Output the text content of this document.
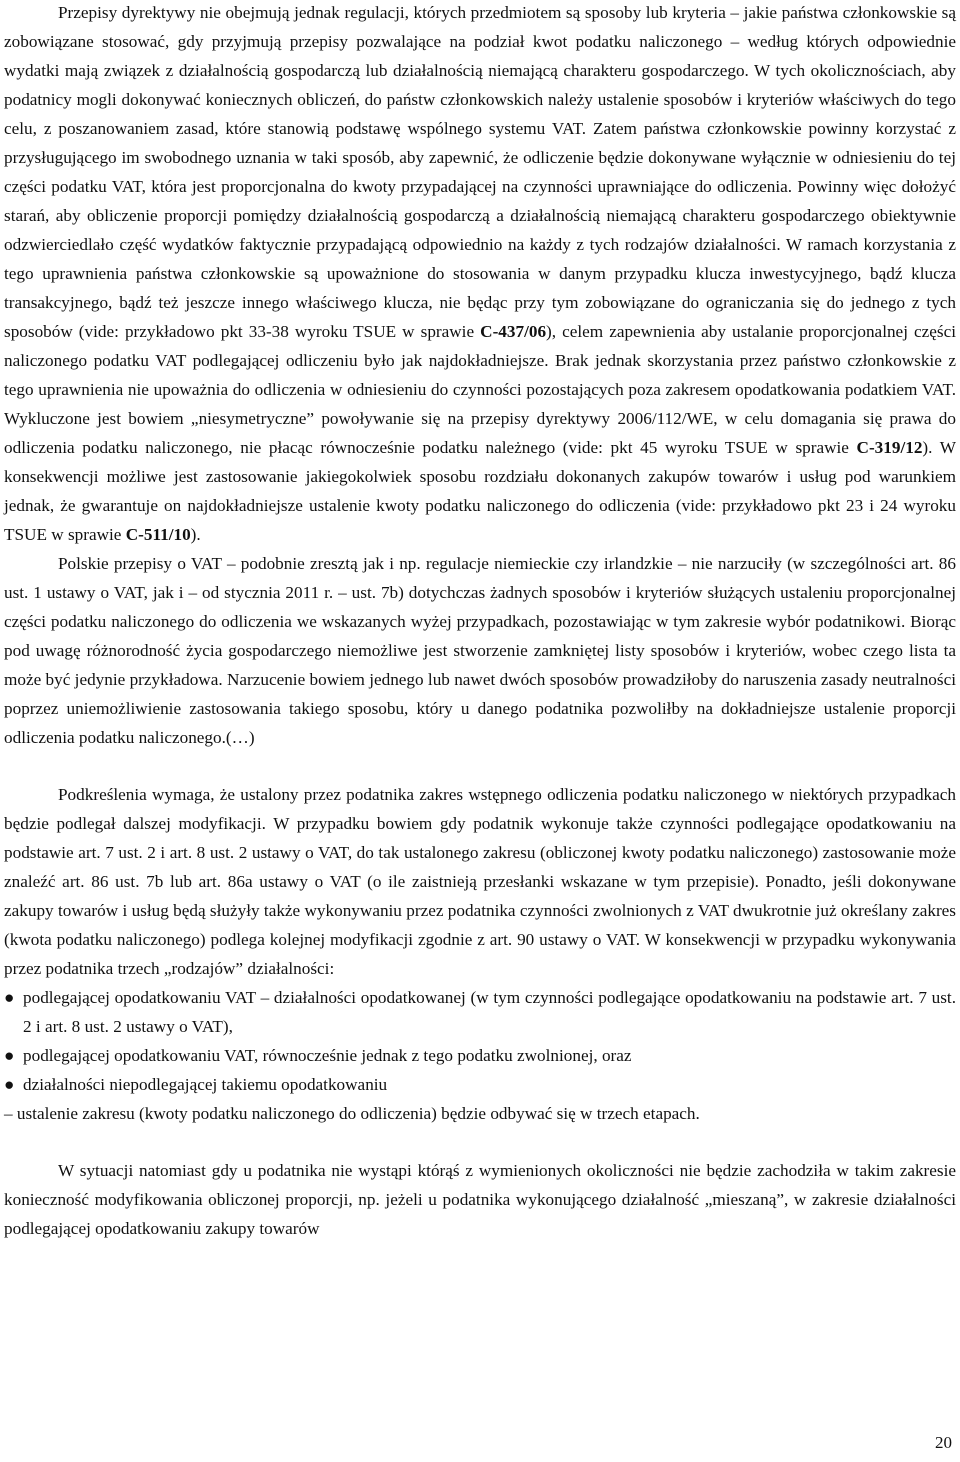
Przepisy dyrektywy nie obejmują jednak regulacji, których przedmiotem są sposoby lub kryteria – jakie państwa członkowskie są zobowiązane stosować, gdy przyjmują przepisy pozwalające na podział kwot podatku naliczonego – według których odpowiednie wydatki mają związek z działalnością gospodarczą lub działalnością niemającą charakteru gospodarczego. W tych okolicznościach, aby podatnicy mogli dokonywać koniecznych obliczeń, do państw członkowskich należy ustalenie sposobów i kryteriów właściwych do tego celu, z poszanowaniem zasad, które stanowią podstawę wspólnego systemu VAT. Zatem państwa członkowskie powinny korzystać z przysługującego im swobodnego uznania w taki sposób, aby zapewnić, że odliczenie będzie dokonywane wyłącznie w odniesieniu do tej części podatku VAT, która jest proporcjonalna do kwoty przypadającej na czynności uprawniające do odliczenia. Powinny więc dołożyć starań, aby obliczenie proporcji pomiędzy działalnością gospodarczą a działalnością niemającą charakteru gospodarczego obiektywnie odzwierciedlało część wydatków faktycznie przypadającą odpowiednio na każdy z tych rodzajów działalności. W ramach korzystania z tego uprawnienia państwa członkowskie są upoważnione do stosowania w danym przypadku klucza inwestycyjnego, bądź klucza transakcyjnego, bądź też jeszcze innego właściwego klucza, nie będąc przy tym zobowiązane do ograniczania się do jednego z tych sposobów (vide: przykładowo pkt 33-38 wyroku TSUE w sprawie C-437/06), celem zapewnienia aby ustalanie proporcjonalnej części naliczonego podatku VAT podlegającej odliczeniu było jak najdokładniejsze. Brak jednak skorzystania przez państwo członkowskie z tego uprawnienia nie upoważnia do odliczenia w odniesieniu do czynności pozostających poza zakresem opodatkowania podatkiem VAT. Wykluczone jest bowiem „niesymetryczne” powoływanie się na przepisy dyrektywy 2006/112/WE, w celu domagania się prawa do odliczenia podatku naliczonego, nie płacąc równocześnie podatku należnego (vide: pkt 45 wyroku TSUE w sprawie C-319/12). W konsekwencji możliwe jest zastosowanie jakiegokolwiek sposobu rozdziału dokonanych zakupów towarów i usług pod warunkiem jednak, że gwarantuje on najdokładniejsze ustalenie kwoty podatku naliczonego do odliczenia (vide: przykładowo pkt 23 i 24 wyroku TSUE w sprawie C-511/10).

Polskie przepisy o VAT – podobnie zresztą jak i np. regulacje niemieckie czy irlandzkie – nie narzuciły (w szczególności art. 86 ust. 1 ustawy o VAT, jak i – od stycznia 2011 r. – ust. 7b) dotychczas żadnych sposobów i kryteriów służących ustaleniu proporcjonalnej części podatku naliczonego do odliczenia we wskazanych wyżej przypadkach, pozostawiając w tym zakresie wybór podatnikowi. Biorąc pod uwagę różnorodność życia gospodarczego niemożliwe jest stworzenie zamkniętej listy sposobów i kryteriów, wobec czego lista ta może być jedynie przykładowa. Narzucenie bowiem jednego lub nawet dwóch sposobów prowadziłoby do naruszenia zasady neutralności poprzez uniemożliwienie zastosowania takiego sposobu, który u danego podatnika pozwoliłby na dokładniejsze ustalenie proporcji odliczenia podatku naliczonego.(…)

Podkreślenia wymaga, że ustalony przez podatnika zakres wstępnego odliczenia podatku naliczonego w niektórych przypadkach będzie podlegał dalszej modyfikacji. W przypadku bowiem gdy podatnik wykonuje także czynności podlegające opodatkowaniu na podstawie art. 7 ust. 2 i art. 8 ust. 2 ustawy o VAT, do tak ustalonego zakresu (obliczonej kwoty podatku naliczonego) zastosowanie może znaleźć art. 86 ust. 7b lub art. 86a ustawy o VAT (o ile zaistnieją przesłanki wskazane w tym przepisie). Ponadto, jeśli dokonywane zakupy towarów i usług będą służyły także wykonywaniu przez podatnika czynności zwolnionych z VAT dwukrotnie już określany zakres (kwota podatku naliczonego) podlega kolejnej modyfikacji zgodnie z art. 90 ustawy o VAT. W konsekwencji w przypadku wykonywania przez podatnika trzech „rodzajów” działalności:

● podlegającej opodatkowaniu VAT – działalności opodatkowanej (w tym czynności podlegające opodatkowaniu na podstawie art. 7 ust. 2 i art. 8 ust. 2 ustawy o VAT),
● podlegającej opodatkowaniu VAT, równocześnie jednak z tego podatku zwolnionej, oraz
● działalności niepodlegającej takiemu opodatkowaniu
– ustalenie zakresu (kwoty podatku naliczonego do odliczenia) będzie odbywać się w trzech etapach.

W sytuacji natomiast gdy u podatnika nie wystąpi którąś z wymienionych okoliczności nie będzie zachodziła w takim zakresie konieczność modyfikowania obliczonej proporcji, np. jeżeli u podatnika wykonującego działalność „mieszaną”, w zakresie działalności podlegającej opodatkowaniu zakupy towarów

20
